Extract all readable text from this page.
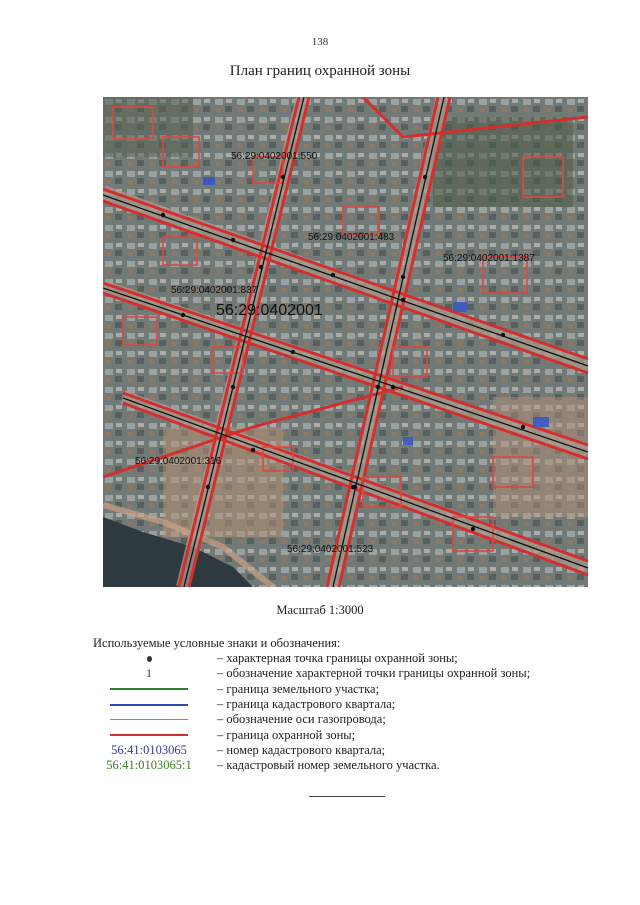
138
План границ охранной зоны
56:29:0402001:550
56:29:0402001:483
56:29:0402001:1387
56:29:0402001:837
56:29:0402001
56:29:0402001:316
56:29:0402001:523
Масштаб 1:3000
Используемые условные знаки и обозначения:
– характерная точка границы охранной зоны;
1	– обозначение характерной точки границы охранной зоны;
– граница земельного участка;
– граница кадастрового квартала;
– обозначение оси газопровода;
– граница охранной зоны;
56:41:0103065 – номер кадастрового квартала;
56:41:0103065:1 – кадастровый номер земельного участка.
